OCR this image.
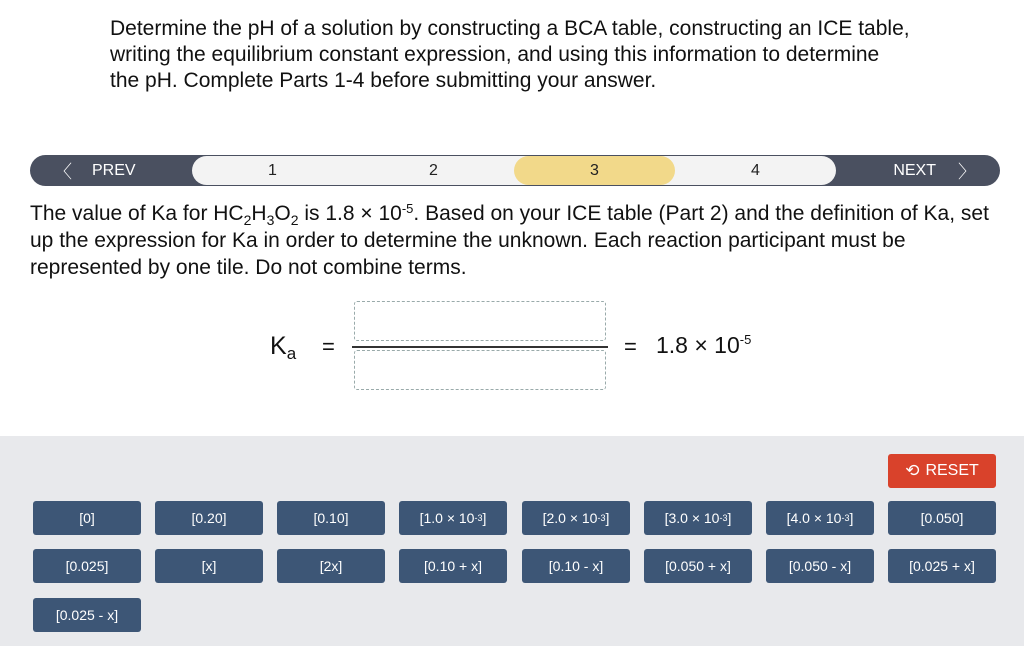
Determine the pH of a solution by constructing a BCA table, constructing an ICE table, writing the equilibrium constant expression, and using this information to determine the pH. Complete Parts 1-4 before submitting your answer.
〈 PREV	1	2	3	4	NEXT 〉
The value of Ka for $HC_2H_3O_2$ is $1.8 \times 10^{-5}$. Based on your ICE table (Part 2) and the definition of Ka, set up the expression for Ka in order to determine the unknown. Each reaction participant must be represented by one tile. Do not combine terms.
$K_a$ =	= $1.8 \times 10^{-5}$
⟲ RESET
[0]	[0.20]	[0.10]	[1.0 × 10 -3 ]	[2.0 × 10 -3 ]	[3.0 × 10 -3 ]	[4.0 × 10 -3 ]	[0.050]
[0.025]	[x]	[2x]	[0.10 + x]	[0.10 - x]	[0.050 + x]	[0.050 - x]	[0.025 + x]
[0.025 - x]
